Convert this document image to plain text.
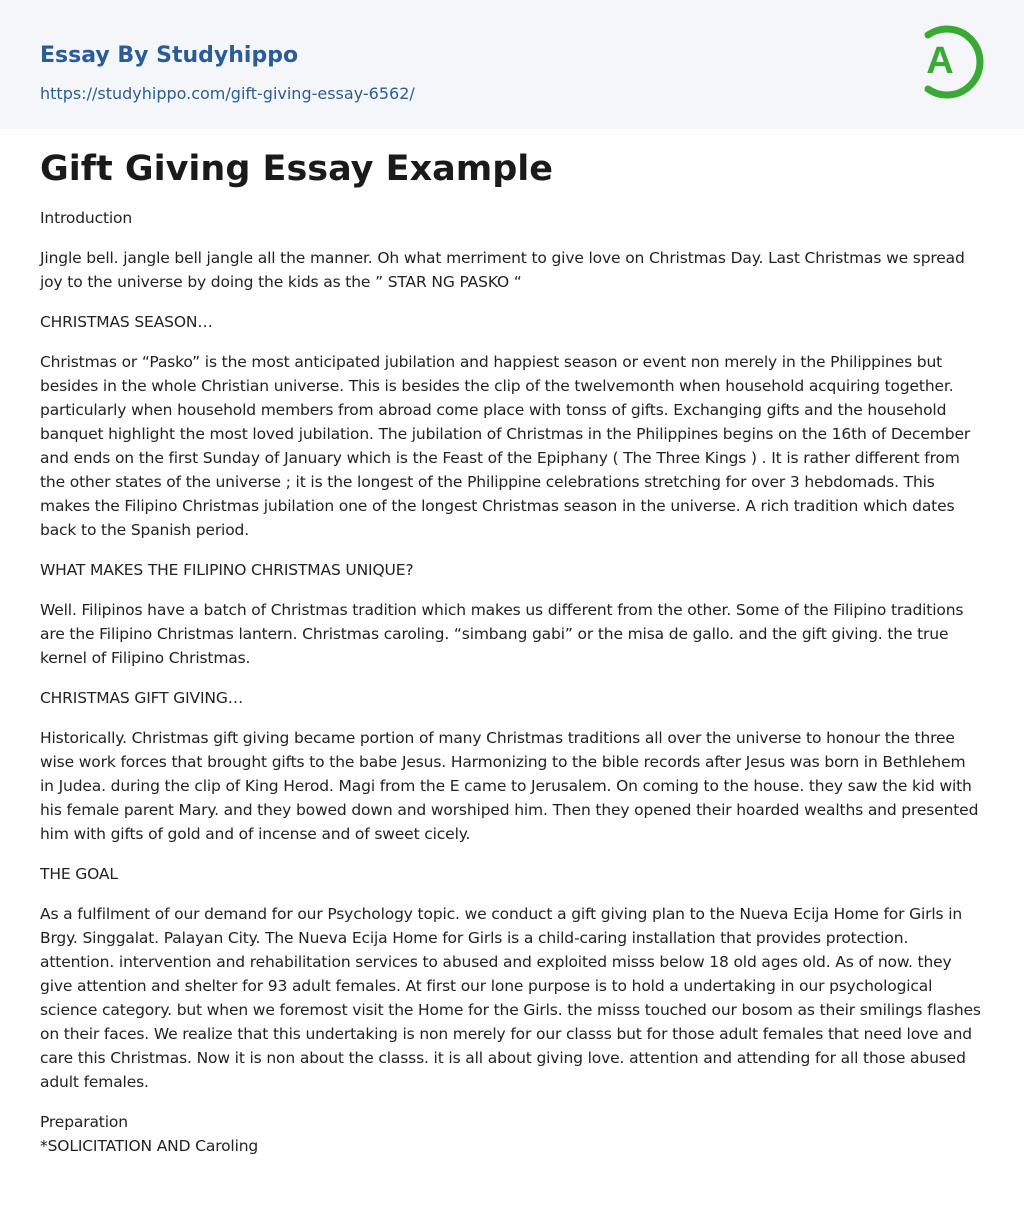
Essay By Studyhippo
https://studyhippo.com/gift-giving-essay-6562/
A
Gift Giving Essay Example

Introduction

Jingle bell. jangle bell jangle all the manner. Oh what merriment to give love on Christmas Day. Last Christmas we spread joy to the universe by doing the kids as the ” STAR NG PASKO “

CHRISTMAS SEASON…

Christmas or “Pasko” is the most anticipated jubilation and happiest season or event non merely in the Philippines but besides in the whole Christian universe. This is besides the clip of the twelvemonth when household acquiring together. particularly when household members from abroad come place with tonss of gifts. Exchanging gifts and the household banquet highlight the most loved jubilation. The jubilation of Christmas in the Philippines begins on the 16th of December and ends on the first Sunday of January which is the Feast of the Epiphany ( The Three Kings ) . It is rather different from the other states of the universe ; it is the longest of the Philippine celebrations stretching for over 3 hebdomads. This makes the Filipino Christmas jubilation one of the longest Christmas season in the universe. A rich tradition which dates back to the Spanish period.

WHAT MAKES THE FILIPINO CHRISTMAS UNIQUE?

Well. Filipinos have a batch of Christmas tradition which makes us different from the other. Some of the Filipino traditions are the Filipino Christmas lantern. Christmas caroling. “simbang gabi” or the misa de gallo. and the gift giving. the true kernel of Filipino Christmas.

CHRISTMAS GIFT GIVING…

Historically. Christmas gift giving became portion of many Christmas traditions all over the universe to honour the three wise work forces that brought gifts to the babe Jesus. Harmonizing to the bible records after Jesus was born in Bethlehem in Judea. during the clip of King Herod. Magi from the E came to Jerusalem. On coming to the house. they saw the kid with his female parent Mary. and they bowed down and worshiped him. Then they opened their hoarded wealths and presented him with gifts of gold and of incense and of sweet cicely.

THE GOAL

As a fulfilment of our demand for our Psychology topic. we conduct a gift giving plan to the Nueva Ecija Home for Girls in Brgy. Singgalat. Palayan City. The Nueva Ecija Home for Girls is a child-caring installation that provides protection. attention. intervention and rehabilitation services to abused and exploited misss below 18 old ages old. As of now. they give attention and shelter for 93 adult females. At first our lone purpose is to hold a undertaking in our psychological science category. but when we foremost visit the Home for the Girls. the misss touched our bosom as their smilings flashes on their faces. We realize that this undertaking is non merely for our classs but for those adult females that need love and care this Christmas. Now it is non about the classs. it is all about giving love. attention and attending for all those abused adult females.

Preparation

*SOLICITATION AND Caroling
